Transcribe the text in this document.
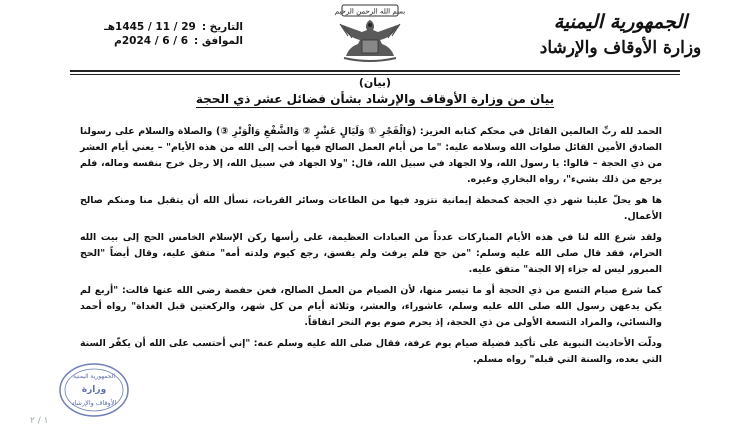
الجمهورية اليمنية
وزارة الأوقاف والإرشاد
بسم الله الرحمن الرحيم
التاريخ :
29 / 11 / 1445هـ
الموافق :
6 / 6 / 2024م
(بيان)
بيان من وزارة الأوقاف والإرشاد بشأن فضائل عشر ذي الحجة

الحمد لله ربِّ العالمين القائل في محكم كتابه العزيز: (وَالْفَجْرِ ① وَلَيَالٍ عَشْرٍ ② وَالشَّفْعِ وَالْوَتْرِ ③) والصلاة والسلام على رسولنا الصادق الأمين القائل صلوات الله وسلامه عليه: "ما من أيام العمل الصالح فيها أحب إلى الله من هذه الأيام" – يعني أيام العشر من ذي الحجة – قالوا: يا رسول الله، ولا الجهاد في سبيل الله، قال: "ولا الجهاد في سبيل الله، إلا رجل خرج بنفسه وماله، فلم يرجع من ذلك بشيء"، رواه البخاري وغيره.

ها هو يحلّ علينا شهر ذي الحجة كمحطة إيمانية نتزود فيها من الطاعات وسائر القربات، نسأل الله أن يتقبل منا ومنكم صالح الأعمال.

ولقد شرع الله لنا في هذه الأيام المباركات عدداً من العبادات العظيمة، على رأسها ركن الإسلام الخامس الحج إلى بيت الله الحرام، فقد قال صلى الله عليه وسلم: "من حج فلم يرفث ولم يفسق، رجع كيوم ولدته أمه" متفق عليه، وقال أيضاً "الحج المبرور ليس له جزاء إلا الجنة" متفق عليه.

كما شرع صيام التسع من ذي الحجة أو ما تيسر منها، لأن الصيام من العمل الصالح، فعن حفصة رضي الله عنها قالت: "أربع لم يكن يدعهن رسول الله صلى الله عليه وسلم، عاشوراء، والعشر، وثلاثة أيام من كل شهر، والركعتين قبل الغداة" رواه أحمد والنسائي، والمراد التسعة الأولى من ذي الحجة، إذ يحرم صوم يوم النحر اتفاقاً.

ودلّت الأحاديث النبوية على تأكيد فضيلة صيام يوم عرفة، فقال صلى الله عليه وسلم عنه: "إني أحتسب على الله أن يكفّر السنة التي بعده، والسنة التي قبله" رواه مسلم.

الجمهورية اليمنية
وزارة
الأوقاف والإرشاد
١ / ٢
